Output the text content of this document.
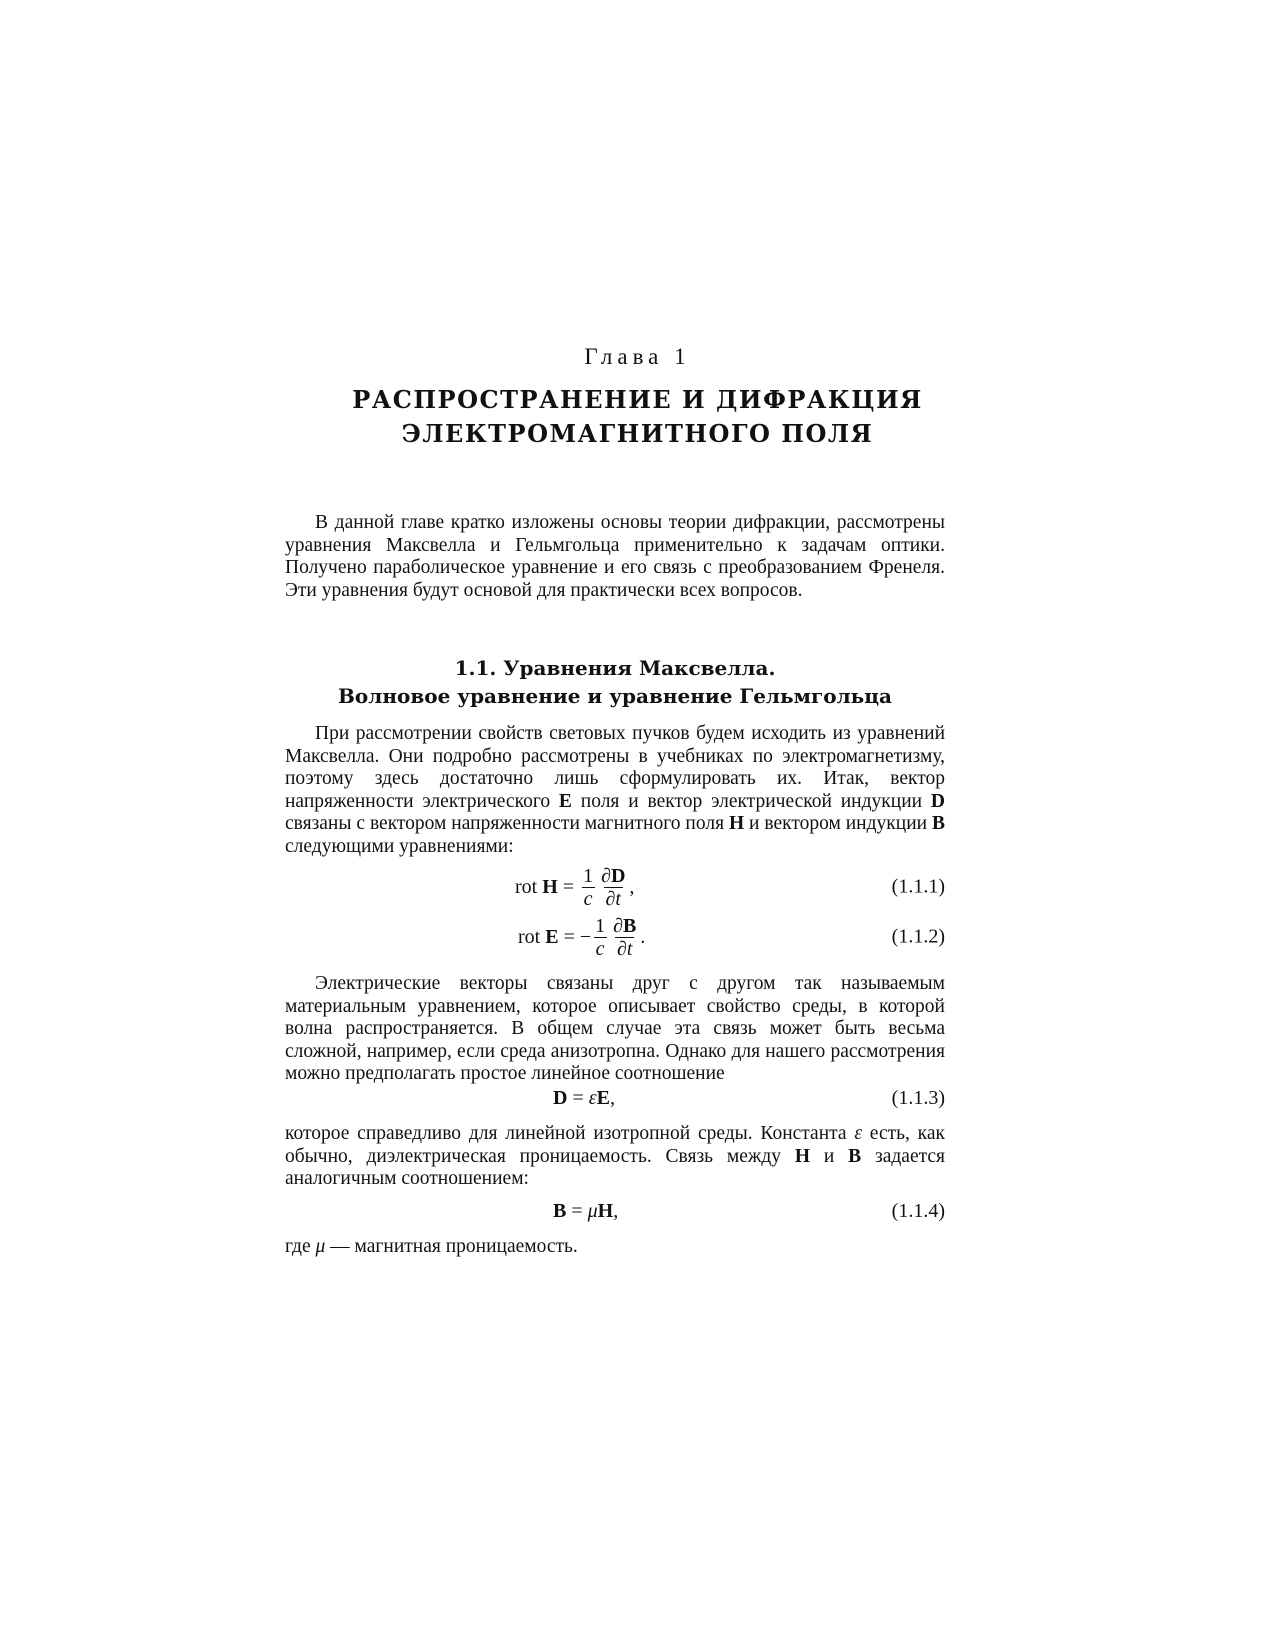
Глава 1
РАСПРОСТРАНЕНИЕ И ДИФРАКЦИЯ
ЭЛЕКТРОМАГНИТНОГО ПОЛЯ

В данной главе кратко изложены основы теории дифракции, рассмотрены уравнения Максвелла и Гельмгольца применительно к задачам оптики. Получено параболическое уравнение и его связь с преобразованием Френеля. Эти уравнения будут основой для практически всех вопросов.

1.1. Уравнения Максвелла.
Волновое уравнение и уравнение Гельмгольца

При рассмотрении свойств световых пучков будем исходить из уравнений Максвелла. Они подробно рассмотрены в учебниках по электромагнетизму, поэтому здесь достаточно лишь сформулировать их. Итак, вектор напряженности электрического E поля и вектор электрической индукции D связаны с вектором напряженности магнитного поля H и вектором индукции B следующими уравнениями:

rot
H
=
$\frac{1}{c} \frac{\partial D}{\partial t}$ ,	(1.1.1)
rot
E
=
− $\frac{1}{c} \frac{\partial B}{\partial t}$ .	(1.1.2)

Электрические векторы связаны друг с другом так называемым материальным уравнением, которое описывает свойство среды, в которой волна распространяется. В общем случае эта связь может быть весьма сложной, например, если среда анизотропна. Однако для нашего рассмотрения можно предполагать простое линейное соотношение

D = εE,	(1.1.3)

которое справедливо для линейной изотропной среды. Константа ε есть, как обычно, диэлектрическая проницаемость. Связь между H и B задается аналогичным соотношением:

B = μH,	(1.1.4)

где μ — магнитная проницаемость.
